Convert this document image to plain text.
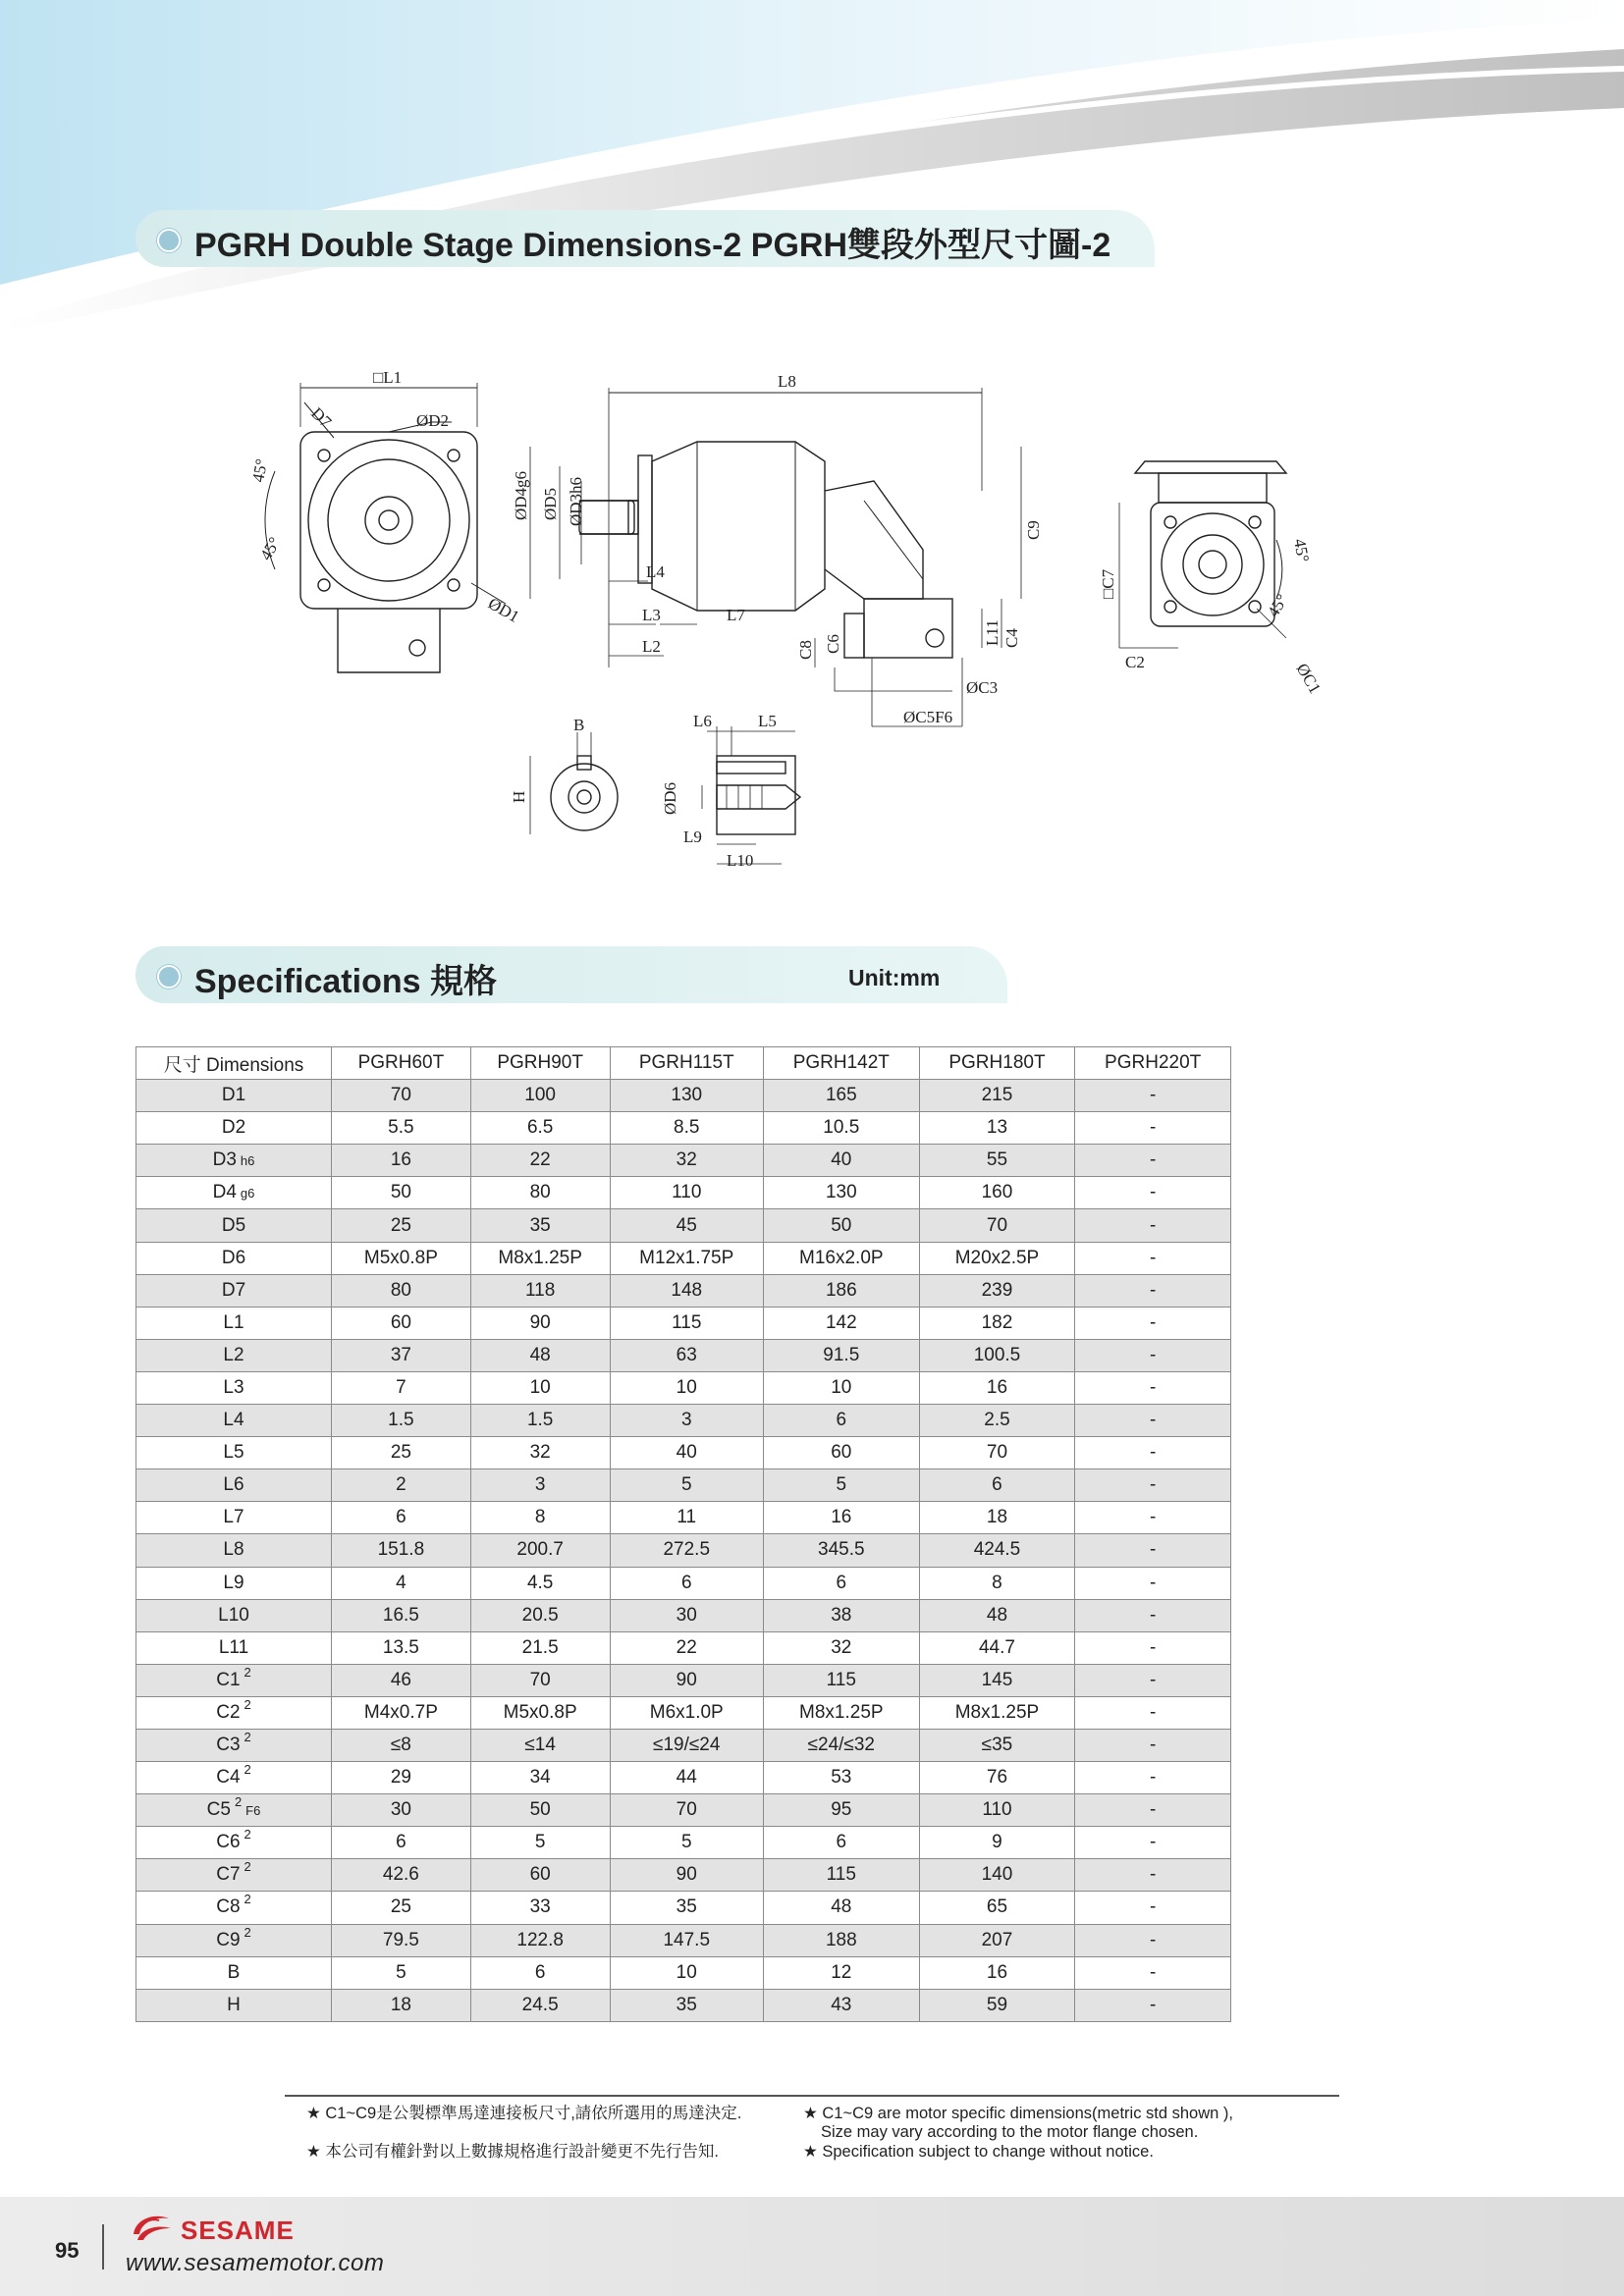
PGRH Double Stage Dimensions-2 PGRH雙段外型尺寸圖-2
□L1
D7	ØD2
45°
45°
ØD1
L8
ØD4g6 ØD5 ØD3h6
L4
L3
L2
L7
C8 C6	L11 C4
C9
ØC3
ØC5F6
□C7
C2	ØC1
45°
45°
B
H
L6	L5
ØD6
L9
L10
Specifications 規格	Unit:mm
尺寸 Dimensions	PGRH60T	PGRH90T	PGRH115T	PGRH142T	PGRH180T	PGRH220T
D1	70	100	130	165	215	-
D2	5.5	6.5	8.5	10.5	13	-
D3 h6	16	22	32	40	55	-
D4 g6	50	80	110	130	160	-
D5	25	35	45	50	70	-
D6	M5x0.8P	M8x1.25P	M12x1.75P	M16x2.0P	M20x2.5P	-
D7	80	118	148	186	239	-
L1	60	90	115	142	182	-
L2	37	48	63	91.5	100.5	-
L3	7	10	10	10	16	-
L4	1.5	1.5	3	6	2.5	-
L5	25	32	40	60	70	-
L6	2	3	5	5	6	-
L7	6	8	11	16	18	-
L8	151.8	200.7	272.5	345.5	424.5	-
L9	4	4.5	6	6	8	-
L10	16.5	20.5	30	38	48	-
L11	13.5	21.5	22	32	44.7	-
C1 $^2$	46	70	90	115	145	-
C2 $^2$	M4x0.7P	M5x0.8P	M6x1.0P	M8x1.25P	M8x1.25P	-
C3 $^2$	≤8	≤14	≤19/≤24	≤24/≤32	≤35	-
C4 $^2$	29	34	44	53	76	-
C5 $^2$F6	30	50	70	95	110	-
C6 $^2$	6	5	5	6	9	-
C7 $^2$	42.6	60	90	115	140	-
C8 $^2$	25	33	35	48	65	-
C9 $^2$	79.5	122.8	147.5	188	207	-
B	5	6	10	12	16	-
H	18	24.5	35	43	59	-
★ C1~C9是公製標準馬達連接板尺寸,請依所選用的馬達決定.
★ 本公司有權針對以上數據規格進行設計變更不先行告知.
★ C1~C9 are motor specific dimensions(metric std shown ),
Size may vary according to the motor flange chosen.
★ Specification subject to change without notice.
95
SESAME
www.sesamemotor.com
